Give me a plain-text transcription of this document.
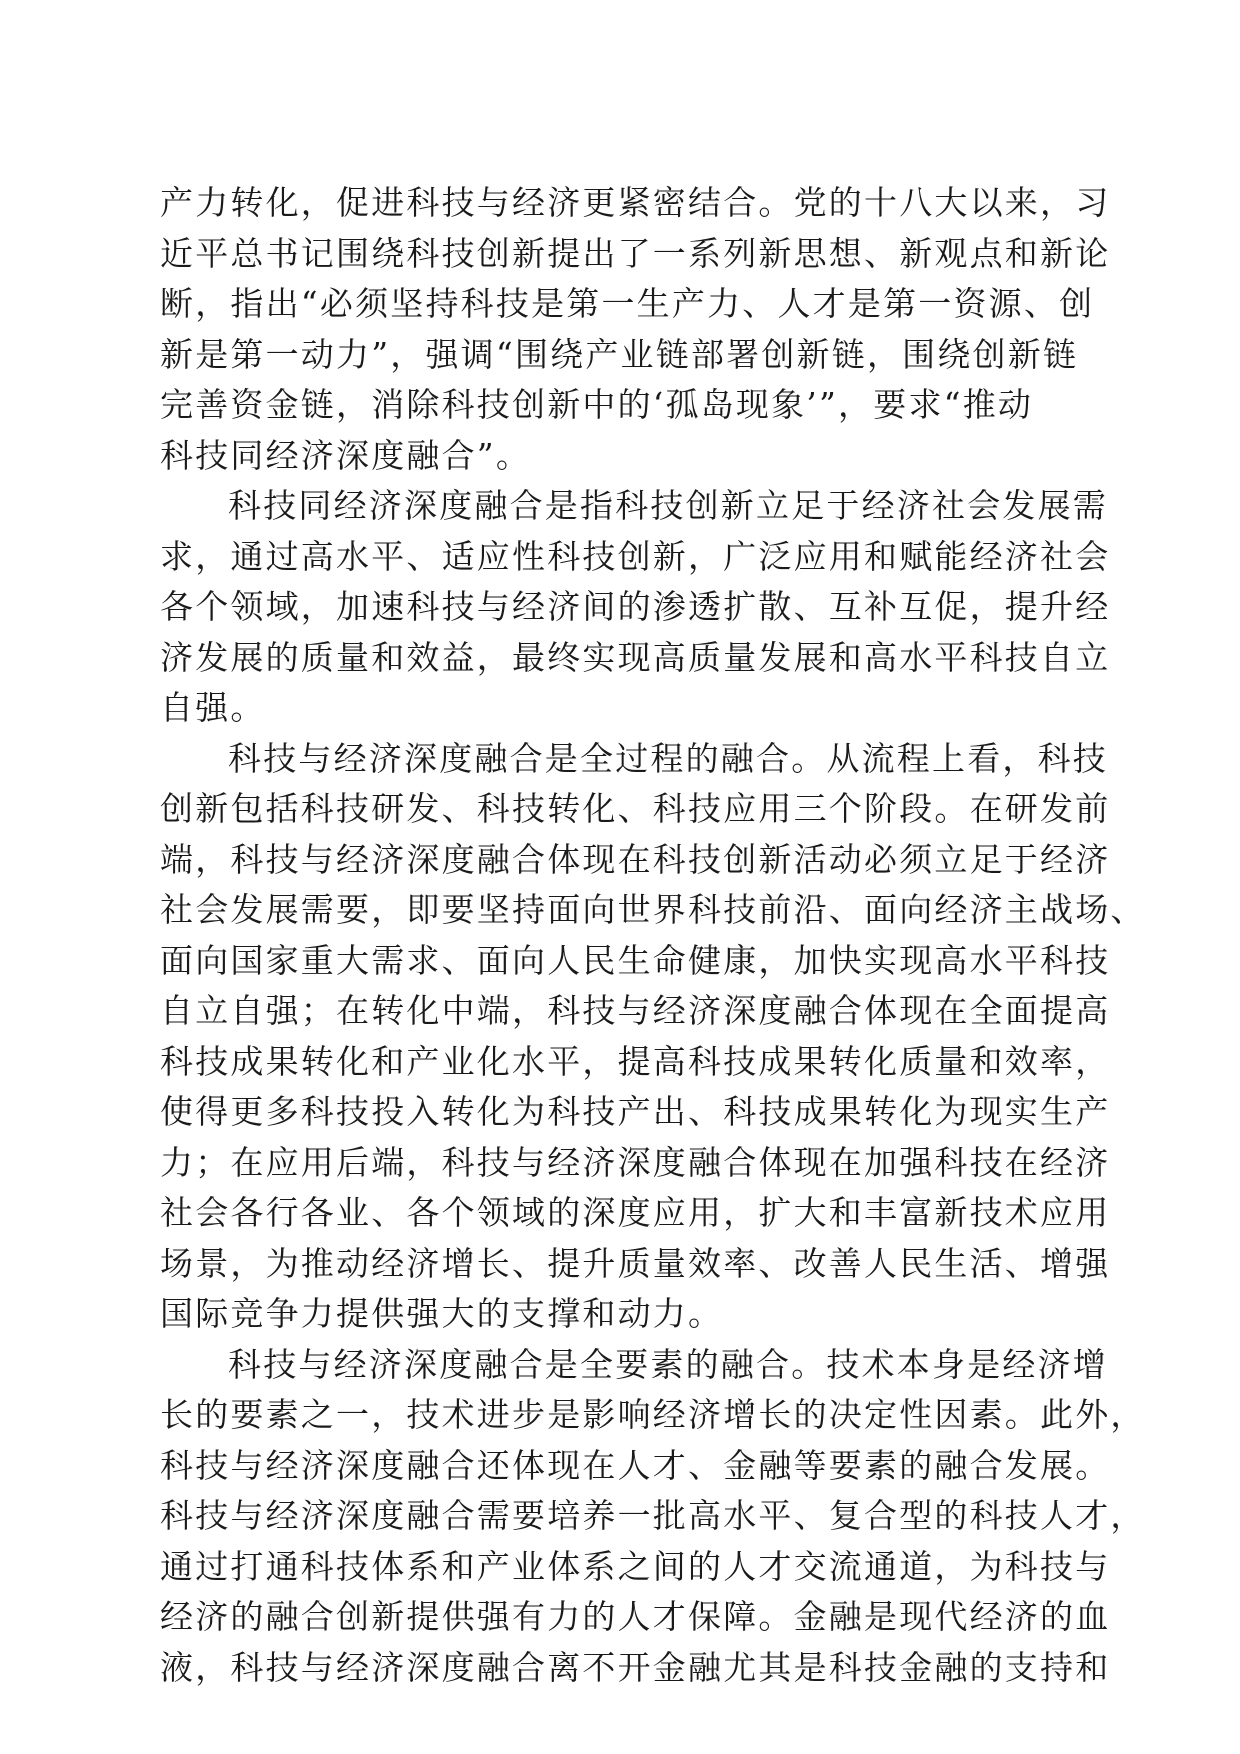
产力转化，促进科技与经济更紧密结合。党的十八大以来，习
近平总书记围绕科技创新提出了一系列新思想、新观点和新论
断，指出“必须坚持科技是第一生产力、人才是第一资源、创
新是第一动力”，强调“围绕产业链部署创新链，围绕创新链
完善资金链，消除科技创新中的‘孤岛现象’”，要求“推动
科技同经济深度融合”。
科技同经济深度融合是指科技创新立足于经济社会发展需
求，通过高水平、适应性科技创新，广泛应用和赋能经济社会
各个领域，加速科技与经济间的渗透扩散、互补互促，提升经
济发展的质量和效益，最终实现高质量发展和高水平科技自立
自强。
科技与经济深度融合是全过程的融合。从流程上看，科技
创新包括科技研发、科技转化、科技应用三个阶段。在研发前
端，科技与经济深度融合体现在科技创新活动必须立足于经济
社会发展需要，即要坚持面向世界科技前沿、面向经济主战场、
面向国家重大需求、面向人民生命健康，加快实现高水平科技
自立自强；在转化中端，科技与经济深度融合体现在全面提高
科技成果转化和产业化水平，提高科技成果转化质量和效率，
使得更多科技投入转化为科技产出、科技成果转化为现实生产
力；在应用后端，科技与经济深度融合体现在加强科技在经济
社会各行各业、各个领域的深度应用，扩大和丰富新技术应用
场景，为推动经济增长、提升质量效率、改善人民生活、增强
国际竞争力提供强大的支撑和动力。
科技与经济深度融合是全要素的融合。技术本身是经济增
长的要素之一，技术进步是影响经济增长的决定性因素。此外，
科技与经济深度融合还体现在人才、金融等要素的融合发展。
科技与经济深度融合需要培养一批高水平、复合型的科技人才，
通过打通科技体系和产业体系之间的人才交流通道，为科技与
经济的融合创新提供强有力的人才保障。金融是现代经济的血
液，科技与经济深度融合离不开金融尤其是科技金融的支持和
